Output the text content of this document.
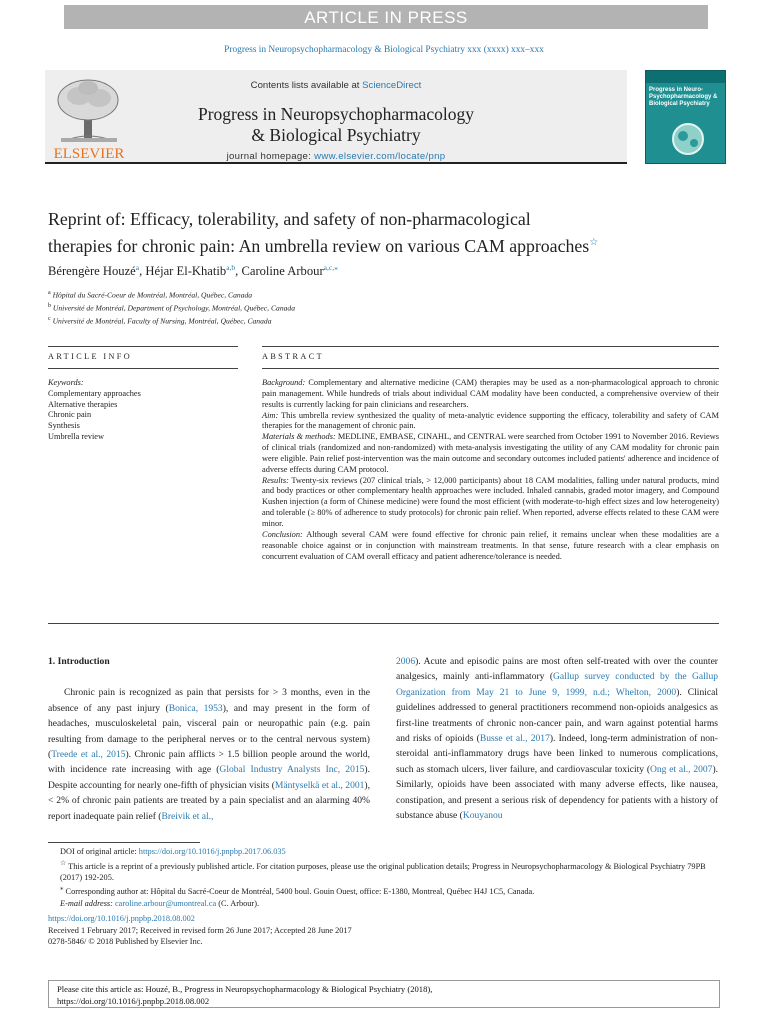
ARTICLE IN PRESS
Progress in Neuropsychopharmacology & Biological Psychiatry xxx (xxxx) xxx–xxx
ELSEVIER
Contents lists available at ScienceDirect
Progress in Neuropsychopharmacology
& Biological Psychiatry
journal homepage: www.elsevier.com/locate/pnp
Progress in Neuro-Psychopharmacology & Biological Psychiatry
Reprint of: Efficacy, tolerability, and safety of non-pharmacological
therapies for chronic pain: An umbrella review on various CAM approaches☆
Bérengère Houzé$^a$, Héjar El-Khatib$^{a,b}$, Caroline Arbour$^{a,c,⁎}$
$^a$ Hôpital du Sacré-Coeur de Montréal, Montréal, Québec, Canada
$^b$ Université de Montréal, Department of Psychology, Montréal, Québec, Canada
$^c$ Université de Montréal, Faculty of Nursing, Montréal, Québec, Canada
ARTICLE INFO	ABSTRACT
Keywords:
Complementary approaches
Alternative therapies
Chronic pain
Synthesis
Umbrella review
Background: Complementary and alternative medicine (CAM) therapies may be used as a non-pharmacological approach to chronic pain management. While hundreds of trials about individual CAM modality have been conducted, a comprehensive overview of their results is currently lacking for pain clinicians and researchers.
Aim: This umbrella review synthesized the quality of meta-analytic evidence supporting the efficacy, tolerability and safety of CAM therapies for the management of chronic pain.
Materials & methods: MEDLINE, EMBASE, CINAHL, and CENTRAL were searched from October 1991 to November 2016. Reviews of clinical trials (randomized and non-randomized) with meta-analysis investigating the utility of any CAM modality for chronic pain were eligible. Pain relief post-intervention was the main outcome and secondary outcomes included patients' adherence and incidence of adverse effects during CAM protocol.
Results: Twenty-six reviews (207 clinical trials, > 12,000 participants) about 18 CAM modalities, falling under natural products, mind and body practices or other complementary health approaches were included. Inhaled cannabis, graded motor imagery, and Compound Kushen injection (a form of Chinese medicine) were found the most efficient (with moderate-to-high effect sizes and low heterogeneity) and tolerable (≥ 80% of adherence to study protocols) for chronic pain relief. When reported, adverse effects related to these CAM were minor.
Conclusion: Although several CAM were found effective for chronic pain relief, it remains unclear when these modalities are a reasonable choice against or in conjunction with mainstream treatments. In that sense, future research with a clear emphasis on concurrent evaluation of CAM overall efficacy and patient adherence/tolerance is needed.
1. Introduction

Chronic pain is recognized as pain that persists for > 3 months, even in the absence of any past injury (Bonica, 1953), and may present in the form of headaches, musculoskeletal pain, visceral pain or neuropathic pain (e.g. pain resulting from damage to the peripheral nerves or to the central nervous system) (Treede et al., 2015). Chronic pain afflicts > 1.5 billion people around the world, with incidence rate increasing with age (Global Industry Analysts Inc, 2015). Despite accounting for nearly one-fifth of physician visits (Mäntyselkä et al., 2001), < 2% of chronic pain patients are treated by a pain specialist and an alarming 40% report inadequate pain relief (Breivik et al.,

2006). Acute and episodic pains are most often self-treated with over the counter analgesics, mainly anti-inflammatory (Gallup survey conducted by the Gallup Organization from May 21 to June 9, 1999, n.d.; Whelton, 2000). Clinical guidelines addressed to general practitioners recommend non-opioids analgesics as first-line treatments of chronic non-cancer pain, and warn against potential harms and risks of opioids (Busse et al., 2017). Indeed, long-term administration of non-steroidal anti-inflammatory drugs have been linked to numerous complications, such as stomach ulcers, liver failure, and cardiovascular toxicity (Ong et al., 2007). Similarly, opioids have been associated with many adverse effects, like nausea, constipation, and present a serious risk of dependency for patients with a history of substance abuse (Kouyanou

DOI of original article: https://doi.org/10.1016/j.pnpbp.2017.06.035
☆ This article is a reprint of a previously published article. For citation purposes, please use the original publication details; Progress in Neuropsychopharmacology & Biological Psychiatry 79PB (2017) 192-205.
⁎ Corresponding author at: Hôpital du Sacré-Coeur de Montréal, 5400 boul. Gouin Ouest, office: E-1380, Montreal, Québec H4J 1C5, Canada.
E-mail address: caroline.arbour@umontreal.ca (C. Arbour).
https://doi.org/10.1016/j.pnpbp.2018.08.002
Received 1 February 2017; Received in revised form 26 June 2017; Accepted 28 June 2017
0278-5846/ © 2018 Published by Elsevier Inc.
Please cite this article as: Houzé, B., Progress in Neuropsychopharmacology & Biological Psychiatry (2018),
https://doi.org/10.1016/j.pnpbp.2018.08.002
